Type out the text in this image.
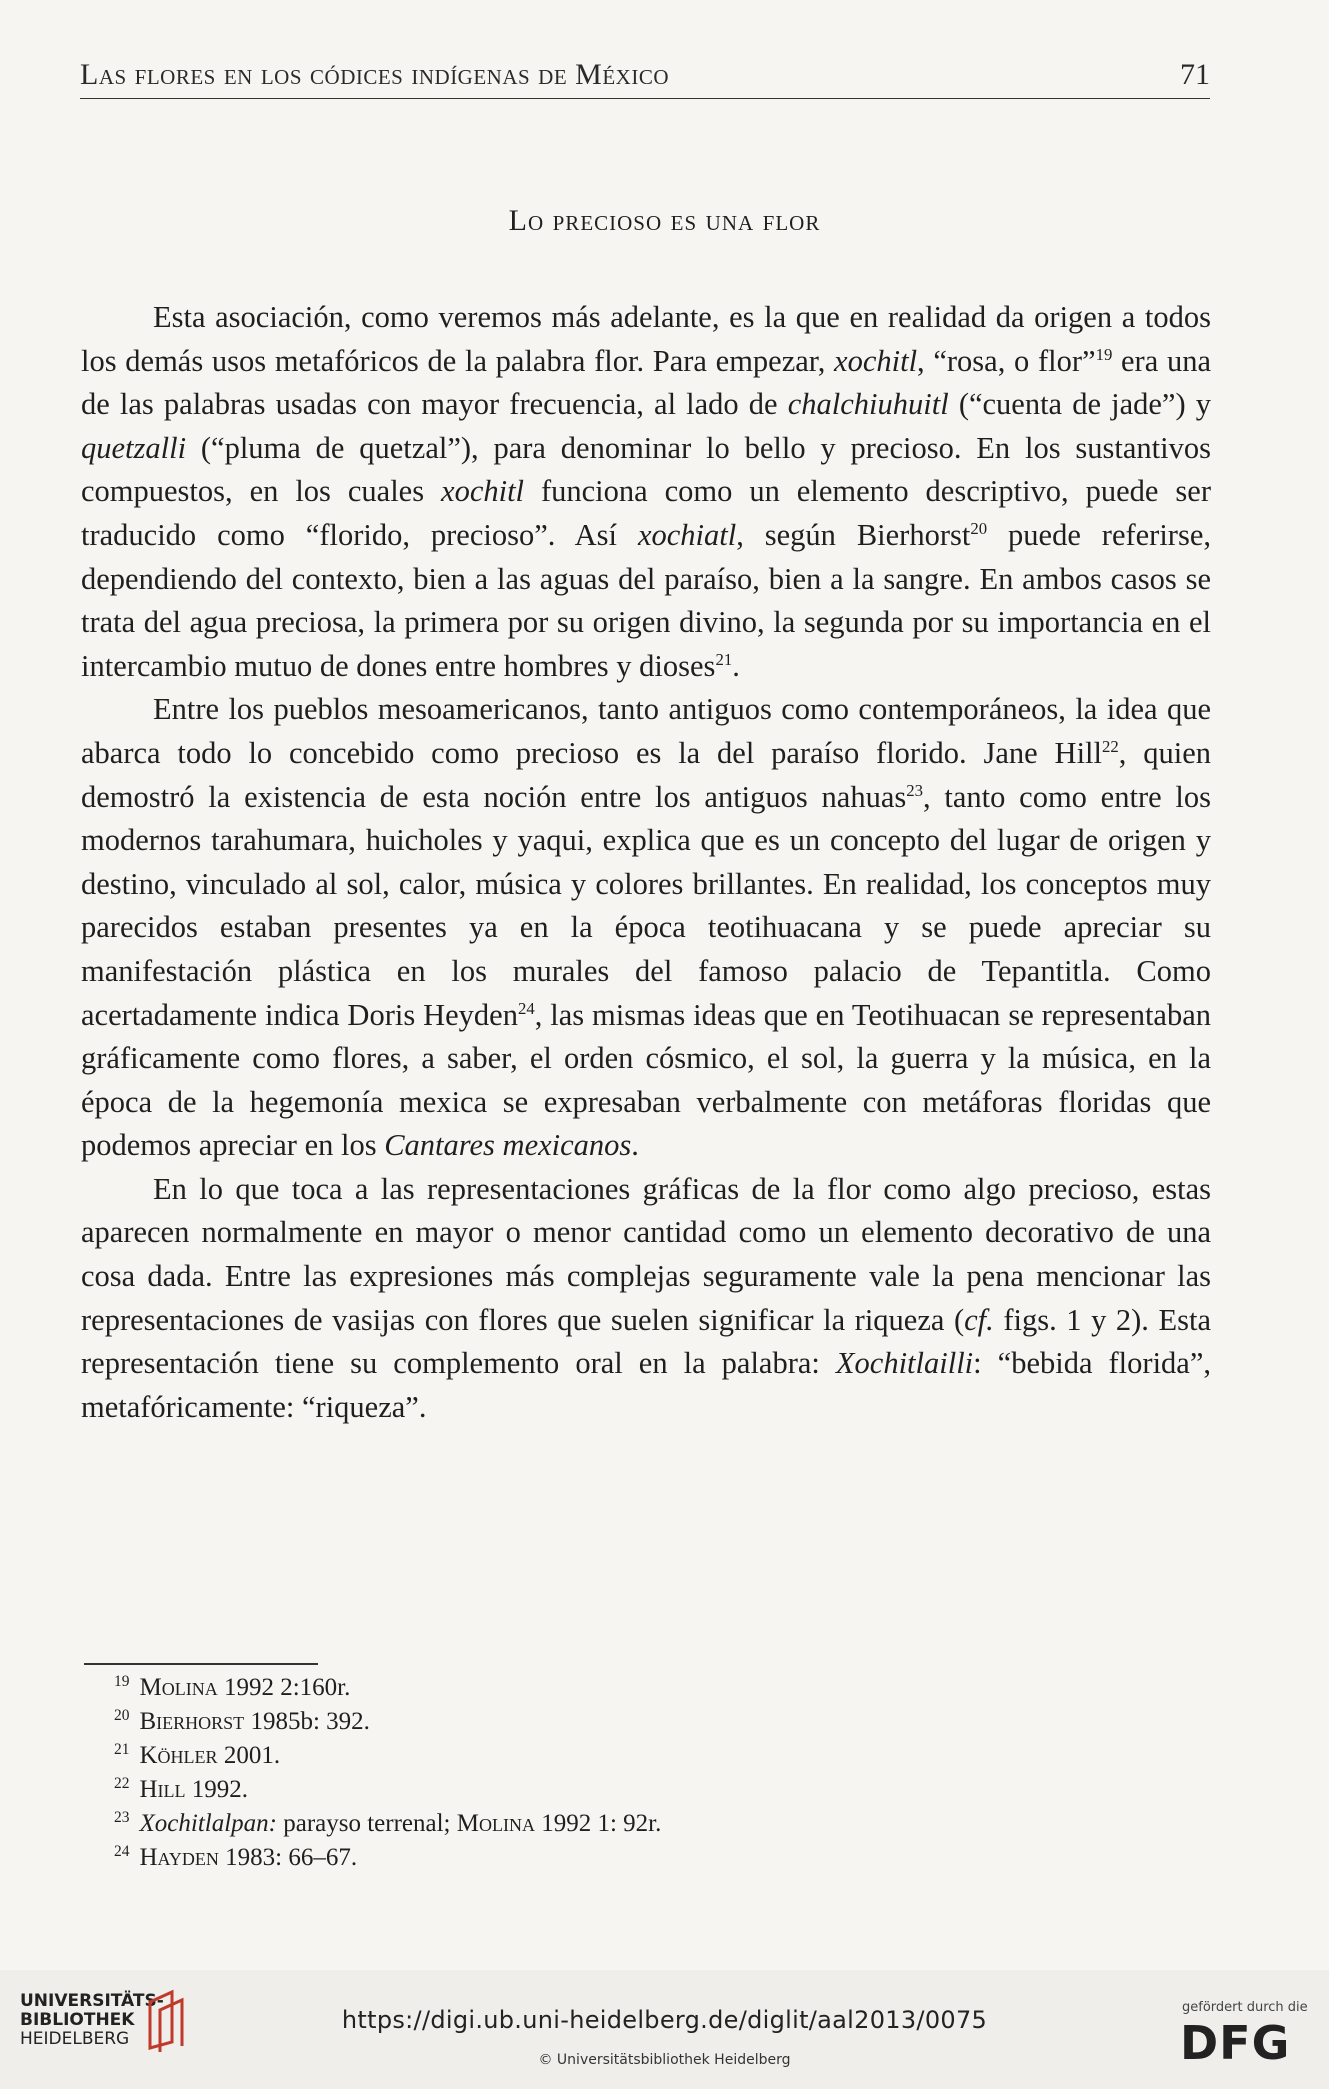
Las flores en los códices indígenas de México	71
Lo precioso es una flor

Esta asociación, como veremos más adelante, es la que en realidad da origen a todos los demás usos metafóricos de la palabra flor. Para empezar, xochitl, “rosa, o flor”$^{19}$ era una de las palabras usadas con mayor frecuencia, al lado de chalchiuhuitl (“cuenta de jade”) y quetzalli (“pluma de quetzal”), para denominar lo bello y precioso. En los sustantivos compuestos, en los cuales xochitl funciona como un elemento descriptivo, puede ser traducido como “florido, precioso”. Así xochiatl, según Bierhorst$^{20}$ puede referirse, dependiendo del contexto, bien a las aguas del paraíso, bien a la sangre. En ambos casos se trata del agua preciosa, la primera por su origen divino, la segunda por su importancia en el intercambio mutuo de dones entre hombres y dioses$^{21}$.

Entre los pueblos mesoamericanos, tanto antiguos como contemporáneos, la idea que abarca todo lo concebido como precioso es la del paraíso florido. Jane Hill$^{22}$, quien demostró la existencia de esta noción entre los antiguos nahuas$^{23}$, tanto como entre los modernos tarahumara, huicholes y yaqui, explica que es un concepto del lugar de origen y destino, vinculado al sol, calor, música y colores brillantes. En realidad, los conceptos muy parecidos estaban presentes ya en la época teotihuacana y se puede apreciar su manifestación plástica en los murales del famoso palacio de Tepantitla. Como acertadamente indica Doris Heyden$^{24}$, las mismas ideas que en Teotihuacan se representaban gráficamente como flores, a saber, el orden cósmico, el sol, la guerra y la música, en la época de la hegemonía mexica se expresaban verbalmente con metáforas floridas que podemos apreciar en los Cantares mexicanos.

En lo que toca a las representaciones gráficas de la flor como algo precioso, estas aparecen normalmente en mayor o menor cantidad como un elemento decorativo de una cosa dada. Entre las expresiones más complejas seguramente vale la pena mencionar las representaciones de vasijas con flores que suelen significar la riqueza (cf. figs. 1 y 2). Esta representación tiene su complemento oral en la palabra: Xochitlailli: “bebida florida”, metafóricamente: “riqueza”.

$^{19}$ Molina 1992 2:160r.
$^{20}$ Bierhorst 1985b: 392.
$^{21}$ Köhler 2001.
$^{22}$ Hill 1992.
$^{23}$ Xochitlalpan: parayso terrenal; Molina 1992 1: 92r.
$^{24}$ Hayden 1983: 66–67.
UNIVERSITÄTS-
BIBLIOTHEK
HEIDELBERG
https://digi.ub.uni-heidelberg.de/diglit/aal2013/0075
© Universitätsbibliothek Heidelberg
gefördert durch die
DFG
